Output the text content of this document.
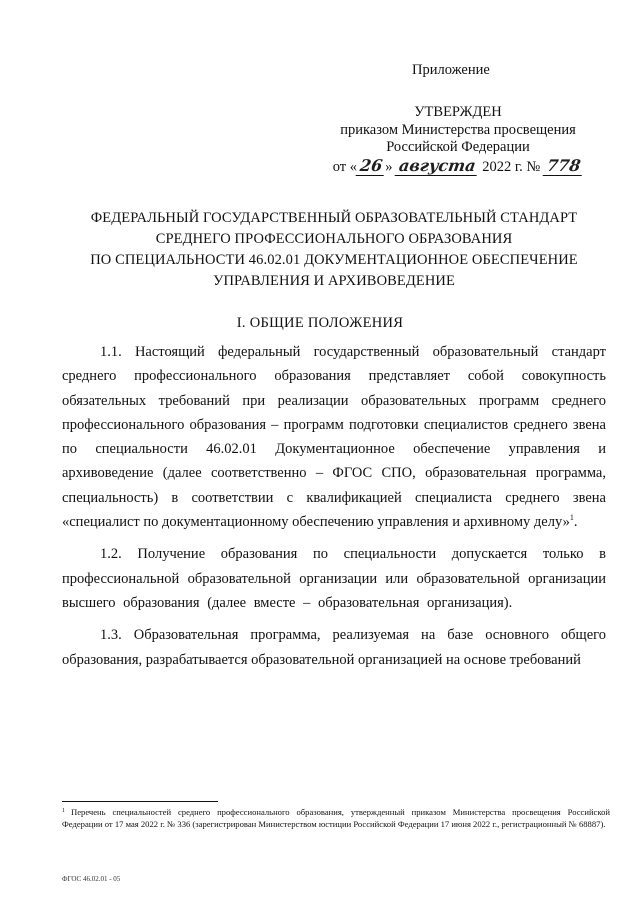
Приложение
УТВЕРЖДЕН
приказом Министерства просвещения
Российской Федерации
от « 26 » августа 2022 г. № 778
ФЕДЕРАЛЬНЫЙ ГОСУДАРСТВЕННЫЙ ОБРАЗОВАТЕЛЬНЫЙ СТАНДАРТ
СРЕДНЕГО ПРОФЕССИОНАЛЬНОГО ОБРАЗОВАНИЯ
ПО СПЕЦИАЛЬНОСТИ 46.02.01 ДОКУМЕНТАЦИОННОЕ ОБЕСПЕЧЕНИЕ
УПРАВЛЕНИЯ И АРХИВОВЕДЕНИЕ
I. ОБЩИЕ ПОЛОЖЕНИЯ

1.1. Настоящий федеральный государственный образовательный стандарт среднего профессионального образования представляет собой совокупность обязательных требований при реализации образовательных программ среднего профессионального образования – программ подготовки специалистов среднего звена по специальности 46.02.01 Документационное обеспечение управления и архивоведение (далее соответственно – ФГОС СПО, образовательная программа, специальность) в соответствии с квалификацией специалиста среднего звена «специалист по документационному обеспечению управления и архивному делу»$^1$.

1.2. Получение образования по специальности допускается только в профессиональной образовательной организации или образовательной организации высшего образования (далее вместе – образовательная организация).

1.3. Образовательная программа, реализуемая на базе основного общего образования, разрабатывается образовательной организацией на основе требований

$^1$ Перечень специальностей среднего профессионального образования, утвержденный приказом Министерства просвещения Российской Федерации от 17 мая 2022 г. № 336 (зарегистрирован Министерством юстиции Российской Федерации 17 июня 2022 г., регистрационный № 68887).
ФГОС 46.02.01 - 05
